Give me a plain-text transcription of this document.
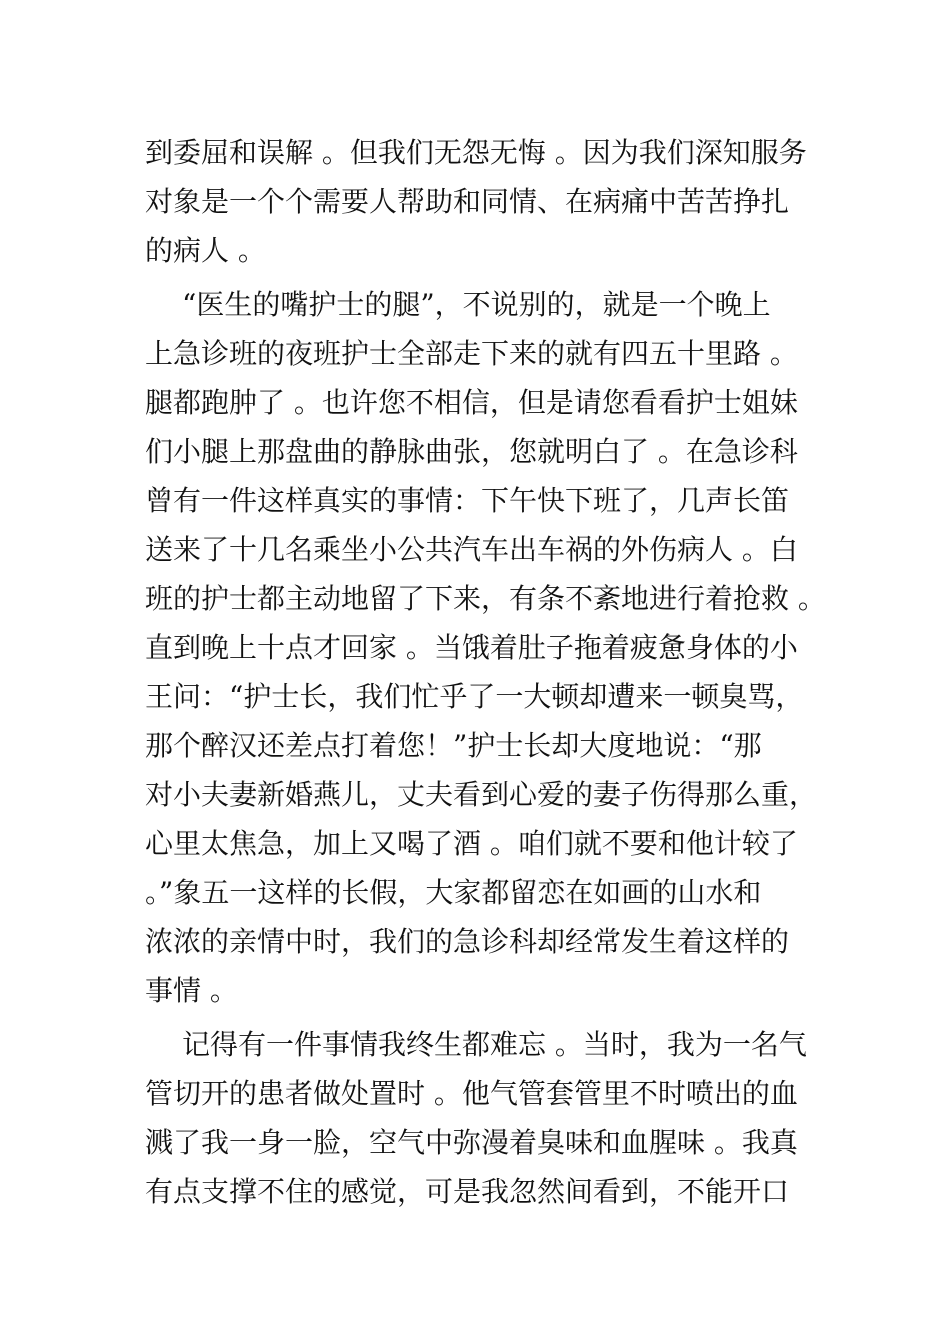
到委屈和误解 。但我们无怨无悔 。因为我们深知服务
对象是一个个需要人帮助和同情、在病痛中苦苦挣扎
的病人 。
“医生的嘴护士的腿”，不说别的，就是一个晚上
上急诊班的夜班护士全部走下来的就有四五十里路 。
腿都跑肿了 。也许您不相信，但是请您看看护士姐妹
们小腿上那盘曲的静脉曲张，您就明白了 。在急诊科
曾有一件这样真实的事情：下午快下班了，几声长笛
送来了十几名乘坐小公共汽车出车祸的外伤病人 。白
班的护士都主动地留了下来，有条不紊地进行着抢救 。
直到晚上十点才回家 。当饿着肚子拖着疲惫身体的小
王问：“护士长，我们忙乎了一大顿却遭来一顿臭骂，
那个醉汉还差点打着您！”护士长却大度地说：“那
对小夫妻新婚燕儿，丈夫看到心爱的妻子伤得那么重，
心里太焦急，加上又喝了酒 。咱们就不要和他计较了
。”象五一这样的长假，大家都留恋在如画的山水和
浓浓的亲情中时，我们的急诊科却经常发生着这样的
事情 。
记得有一件事情我终生都难忘 。当时，我为一名气
管切开的患者做处置时 。他气管套管里不时喷出的血
溅了我一身一脸，空气中弥漫着臭味和血腥味 。我真
有点支撑不住的感觉，可是我忽然间看到，不能开口
